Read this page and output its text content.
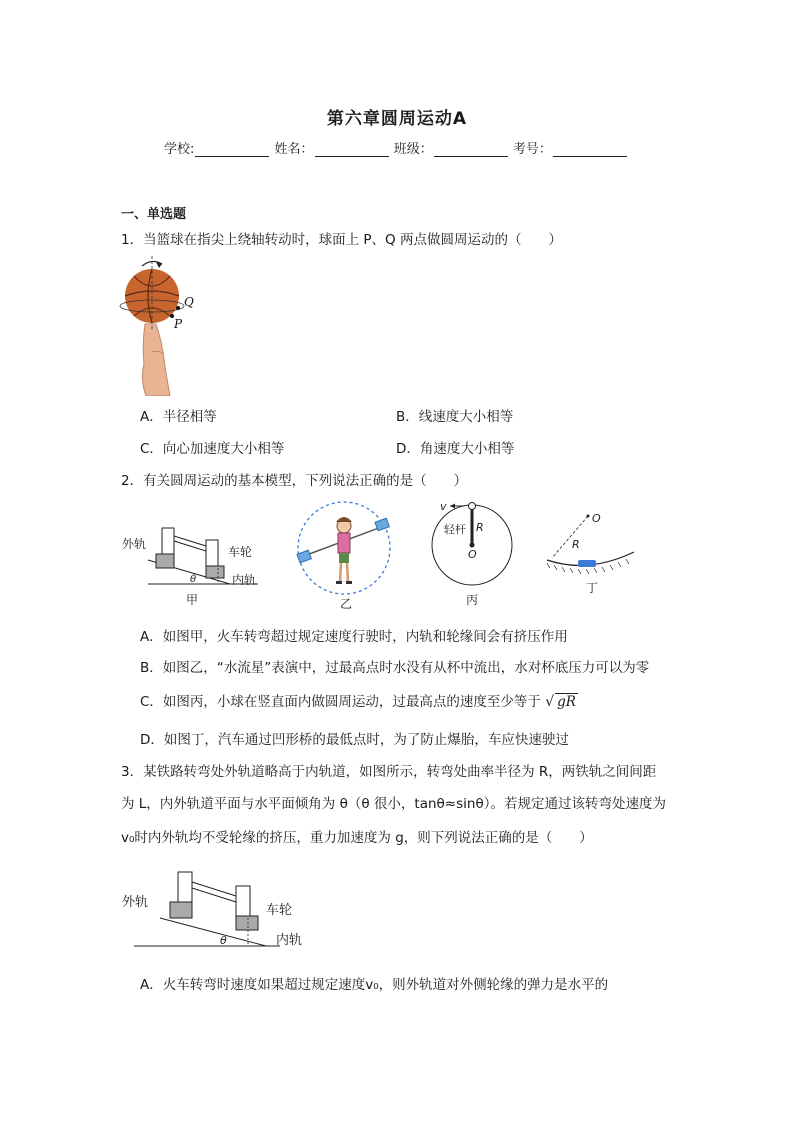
第六章圆周运动A
学校:	姓名：	班级：	考号：
一、单选题
1．当篮球在指尖上绕轴转动时，球面上 P、Q 两点做圆周运动的（　　）
Q
P
A．半径相等	B．线速度大小相等
C．向心加速度大小相等	D．角速度大小相等
2．有关圆周运动的基本模型，下列说法正确的是（　　）
外轨
车轮
内轨
θ
甲	乙
v
轻杆 R
O
丙
O
R
丁
A．如图甲，火车转弯超过规定速度行驶时，内轨和轮缘间会有挤压作用
B．如图乙，“水流星”表演中，过最高点时水没有从杯中流出，水对杯底压力可以为零
C．如图丙，小球在竖直面内做圆周运动，过最高点的速度至少等于 √ gR
D．如图丁，汽车通过凹形桥的最低点时，为了防止爆胎，车应快速驶过
3．某铁路转弯处外轨道略高于内轨道，如图所示，转弯处曲率半径为 R，两铁轨之间间距
为 L，内外轨道平面与水平面倾角为 θ（θ 很小，tanθ≈sinθ）。若规定通过该转弯处速度为
v₀时内外轨均不受轮缘的挤压，重力加速度为 g，则下列说法正确的是（　　）
外轨
车轮
内轨
θ
A．火车转弯时速度如果超过规定速度v₀，则外轨道对外侧轮缘的弹力是水平的
